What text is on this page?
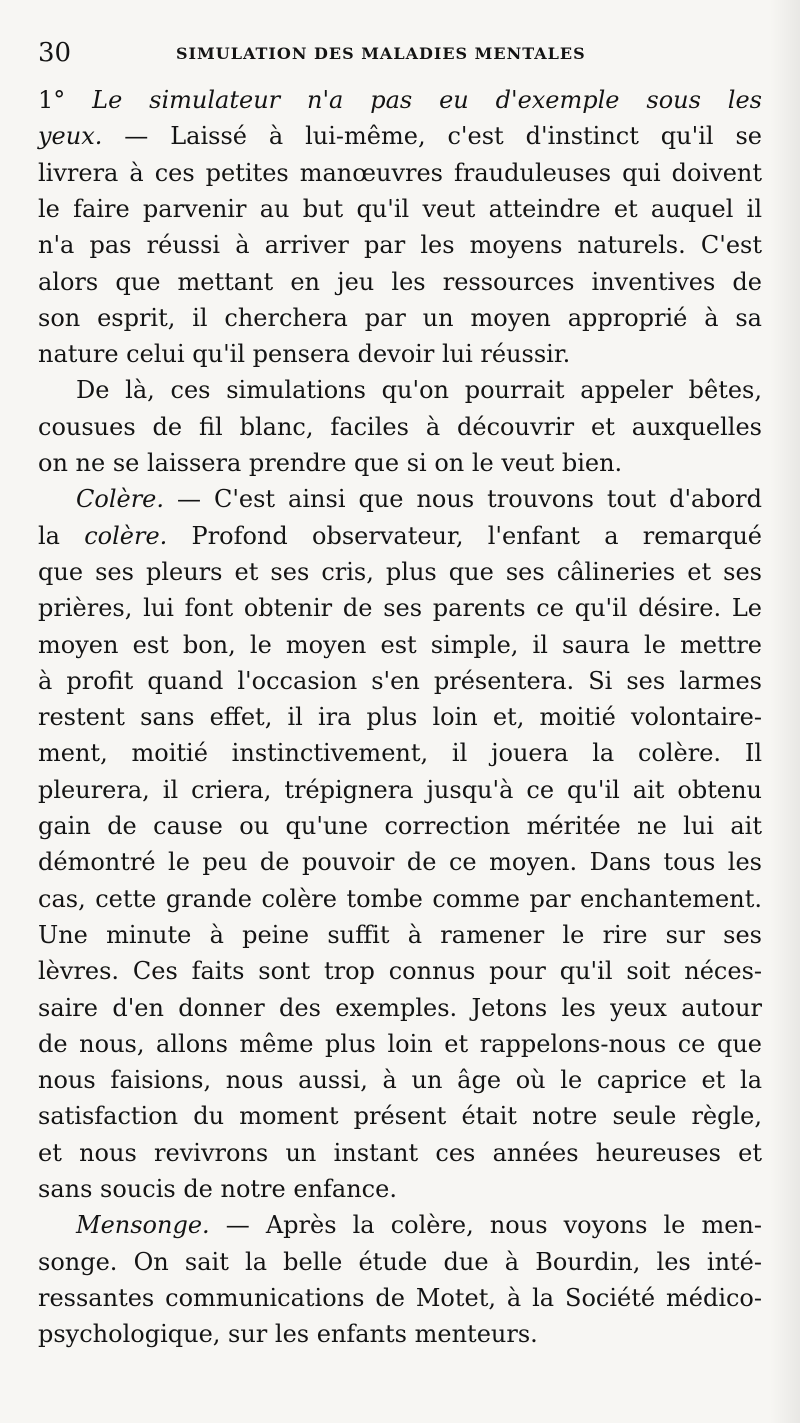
30	SIMULATION DES MALADIES MENTALES
1° Le simulateur n'a pas eu d'exemple sous les
yeux. — Laissé à lui-même, c'est d'instinct qu'il se
livrera à ces petites manœuvres frauduleuses qui doivent
le faire parvenir au but qu'il veut atteindre et auquel il
n'a pas réussi à arriver par les moyens naturels. C'est
alors que mettant en jeu les ressources inventives de
son esprit, il cherchera par un moyen approprié à sa
nature celui qu'il pensera devoir lui réussir.
De là, ces simulations qu'on pourrait appeler bêtes,
cousues de fil blanc, faciles à découvrir et auxquelles
on ne se laissera prendre que si on le veut bien.
Colère. — C'est ainsi que nous trouvons tout d'abord
la colère. Profond observateur, l'enfant a remarqué
que ses pleurs et ses cris, plus que ses câlineries et ses
prières, lui font obtenir de ses parents ce qu'il désire. Le
moyen est bon, le moyen est simple, il saura le mettre
à profit quand l'occasion s'en présentera. Si ses larmes
restent sans effet, il ira plus loin et, moitié volontaire-
ment, moitié instinctivement, il jouera la colère. Il
pleurera, il criera, trépignera jusqu'à ce qu'il ait obtenu
gain de cause ou qu'une correction méritée ne lui ait
démontré le peu de pouvoir de ce moyen. Dans tous les
cas, cette grande colère tombe comme par enchantement.
Une minute à peine suffit à ramener le rire sur ses
lèvres. Ces faits sont trop connus pour qu'il soit néces-
saire d'en donner des exemples. Jetons les yeux autour
de nous, allons même plus loin et rappelons-nous ce que
nous faisions, nous aussi, à un âge où le caprice et la
satisfaction du moment présent était notre seule règle,
et nous revivrons un instant ces années heureuses et
sans soucis de notre enfance.
Mensonge. — Après la colère, nous voyons le men-
songe. On sait la belle étude due à Bourdin, les inté-
ressantes communications de Motet, à la Société médico-
psychologique, sur les enfants menteurs.
